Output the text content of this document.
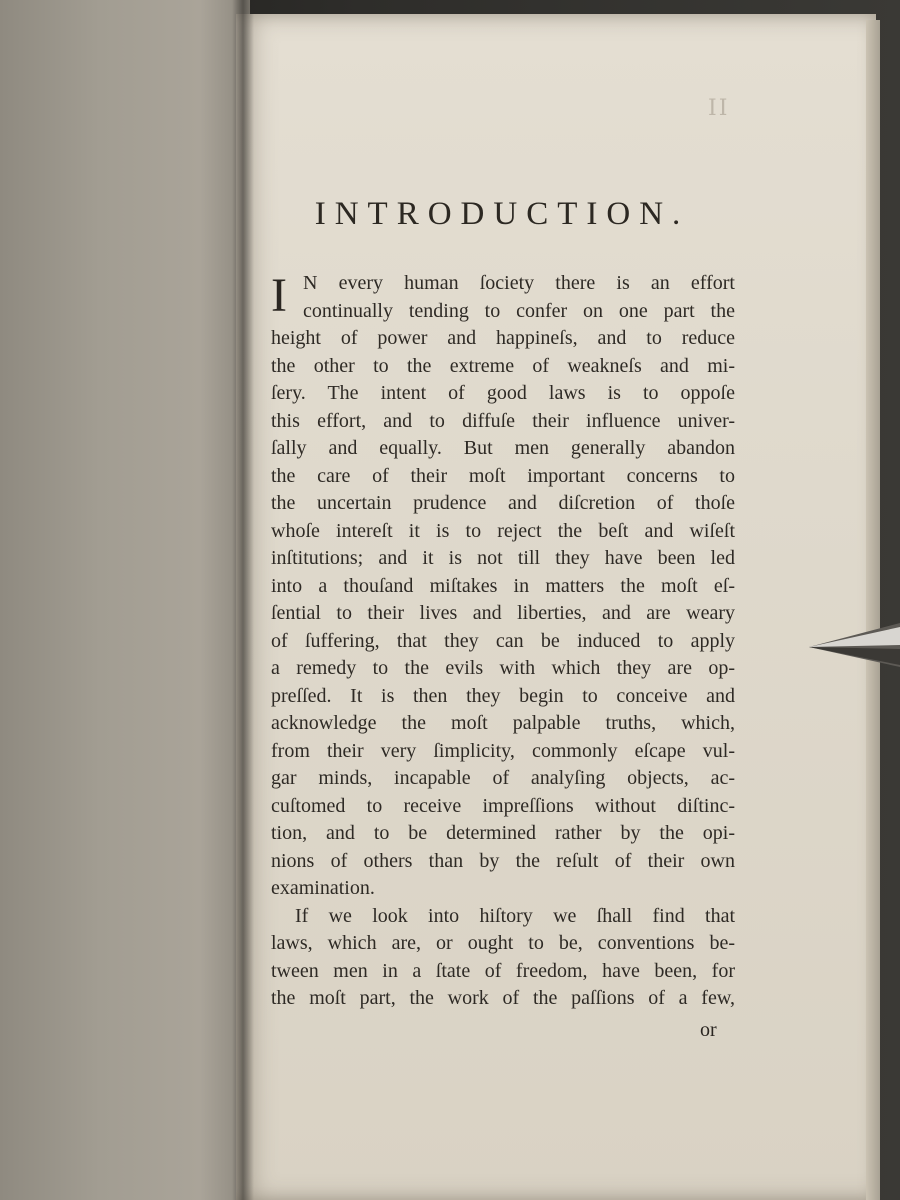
II
INTRODUCTION.
I N every human ſociety there is an effort
continually tending to confer on one part the
height of power and happineſs, and to reduce
the other to the extreme of weakneſs and mi-
ſery. The intent of good laws is to oppoſe
this effort, and to diffuſe their influence univer-
ſally and equally. But men generally abandon
the care of their moſt important concerns to
the uncertain prudence and diſcretion of thoſe
whoſe intereſt it is to reject the beſt and wiſeſt
inſtitutions; and it is not till they have been led
into a thouſand miſtakes in matters the moſt eſ-
ſential to their lives and liberties, and are weary
of ſuffering, that they can be induced to apply
a remedy to the evils with which they are op-
preſſed. It is then they begin to conceive and
acknowledge the moſt palpable truths, which,
from their very ſimplicity, commonly eſcape vul-
gar minds, incapable of analyſing objects, ac-
cuſtomed to receive impreſſions without diſtinc-
tion, and to be determined rather by the opi-
nions of others than by the reſult of their own
examination.
If we look into hiſtory we ſhall find that
laws, which are, or ought to be, conventions be-
tween men in a ſtate of freedom, have been, for
the moſt part, the work of the paſſions of a few,
or
